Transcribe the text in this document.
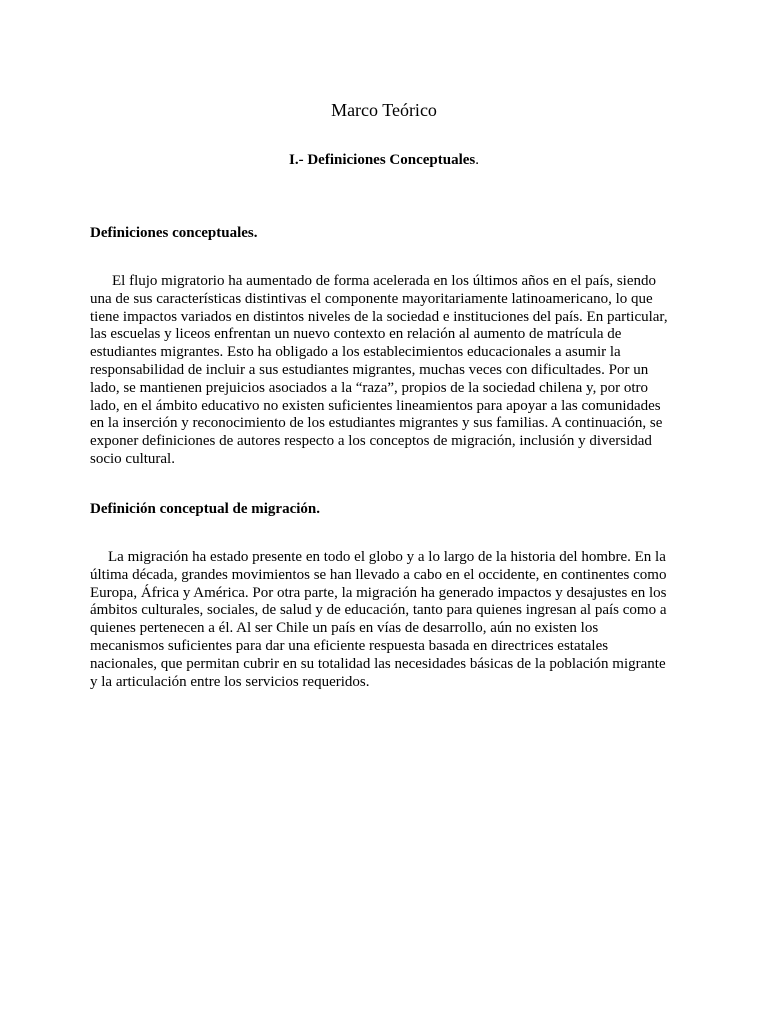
Marco Teórico

I.- Definiciones Conceptuales.

Definiciones conceptuales.

El flujo migratorio ha aumentado de forma acelerada en los últimos años en el país, siendo una de sus características distintivas el componente mayoritariamente latinoamericano, lo que tiene impactos variados en distintos niveles de la sociedad e instituciones del país. En particular, las escuelas y liceos enfrentan un nuevo contexto en relación al aumento de matrícula de estudiantes migrantes. Esto ha obligado a los establecimientos educacionales a asumir la responsabilidad de incluir a sus estudiantes migrantes, muchas veces con dificultades. Por un lado, se mantienen prejuicios asociados a la “raza”, propios de la sociedad chilena y, por otro lado, en el ámbito educativo no existen suficientes lineamientos para apoyar a las comunidades en la inserción y reconocimiento de los estudiantes migrantes y sus familias. A continuación, se exponer definiciones de autores respecto a los conceptos de migración, inclusión y diversidad socio cultural.

Definición conceptual de migración.

La migración ha estado presente en todo el globo y a lo largo de la historia del hombre. En la última década, grandes movimientos se han llevado a cabo en el occidente, en continentes como Europa, África y América. Por otra parte, la migración ha generado impactos y desajustes en los ámbitos culturales, sociales, de salud y de educación, tanto para quienes ingresan al país como a quienes pertenecen a él. Al ser Chile un país en vías de desarrollo, aún no existen los mecanismos suficientes para dar una eficiente respuesta basada en directrices estatales nacionales, que permitan cubrir en su totalidad las necesidades básicas de la población migrante y la articulación entre los servicios requeridos.
